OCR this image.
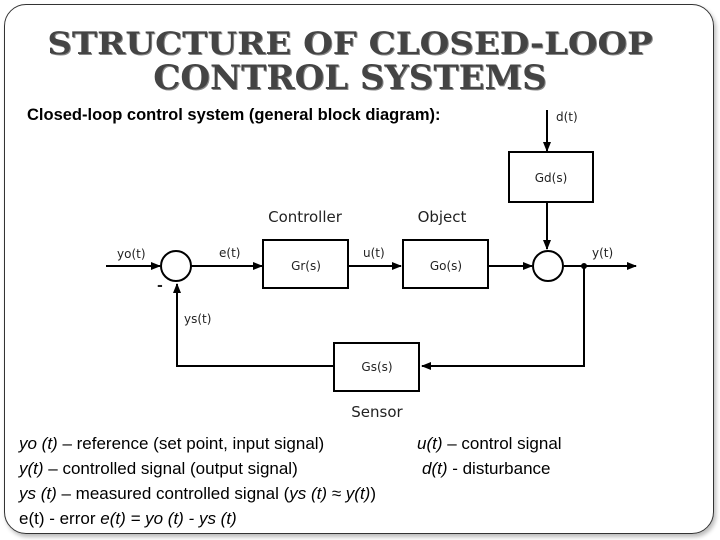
STRUCTURE OF CLOSED-LOOP
CONTROL SYSTEMS
Closed-loop control system (general block diagram):
Controller	Object
Sensor
Gr(s)	Go(s)
Gd(s)
Gs(s)
yo(t)	e(t)	u(t)	y(t)
d(t)
ys(t)
-
yo (t) – reference (set point, input signal)	u(t) – control signal
y(t) – controlled signal (output signal)	d(t) - disturbance
ys (t) – measured controlled signal (ys (t) ≈ y(t))
e(t) - error e(t) = yo (t) - ys (t)
